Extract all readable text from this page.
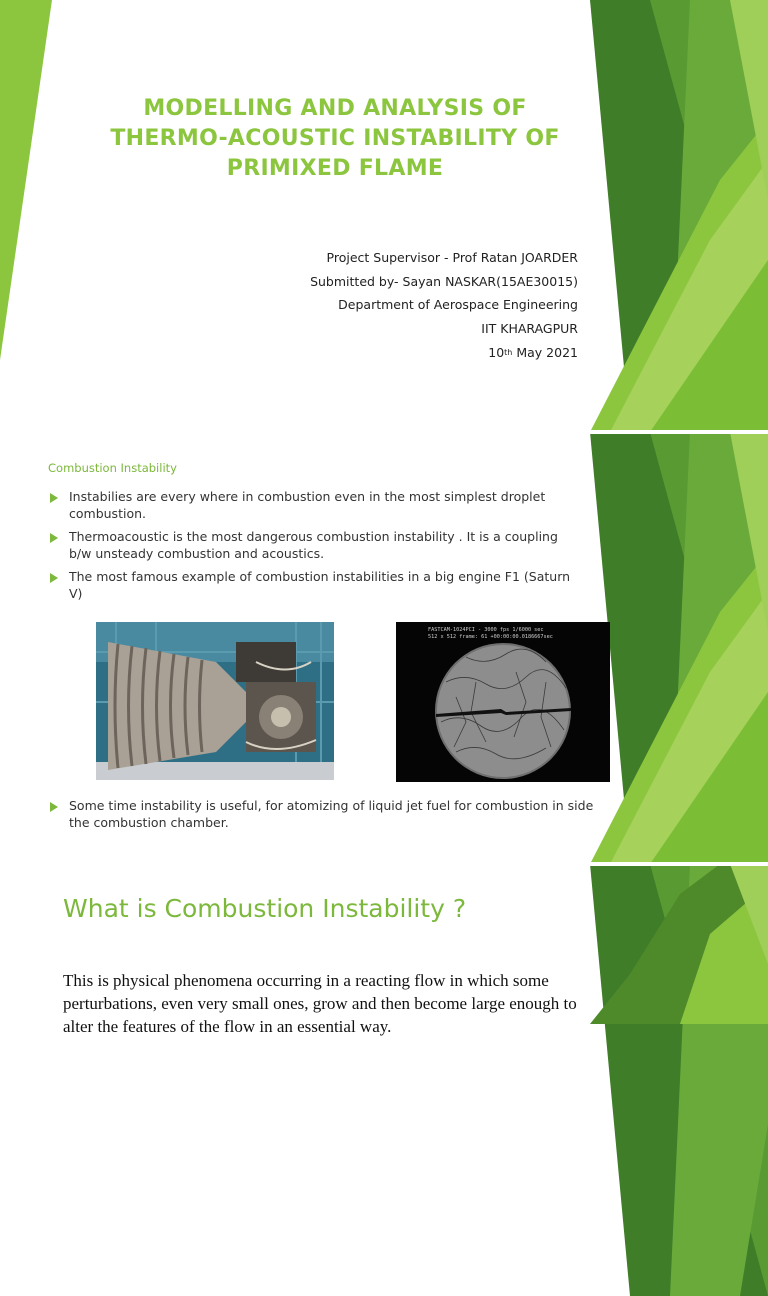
MODELLING AND ANALYSIS OF THERMO-ACOUSTIC INSTABILITY OF PRIMIXED FLAME
Project Supervisor - Prof Ratan JOARDER
Submitted by- Sayan NASKAR(15AE30015)
Department of Aerospace Engineering
IIT KHARAGPUR
10th May 2021
Combustion Instability
Instabilies are every where in combustion even in the most simplest droplet combustion.
Thermoacoustic is the most dangerous combustion instability . It is a coupling b/w unsteady combustion and acoustics.
The most famous example of combustion instabilities in a big engine F1 (Saturn V)
FASTCAM-1024PCI - 3000 fps 1/6000 sec
512 x 512 frame: 61 +00:00:00.0186667sec
Some time instability is useful, for atomizing of liquid jet fuel for combustion in side the combustion chamber.
What is Combustion Instability ?
This is physical phenomena occurring in a reacting flow in which some perturbations, even very small ones, grow and then become large enough to alter the features of the flow in an essential way.
